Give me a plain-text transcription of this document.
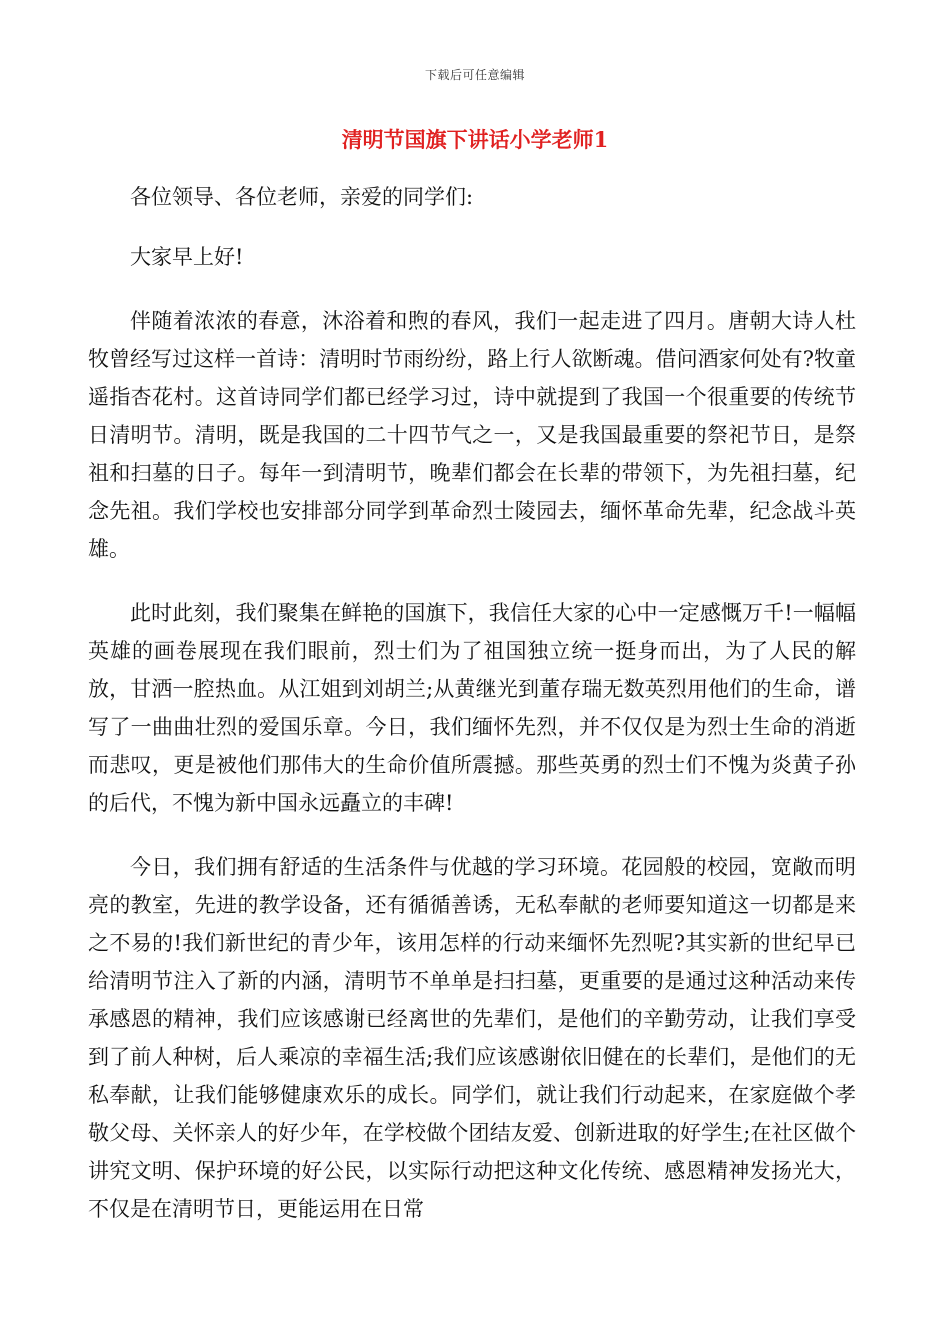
下载后可任意编辑
清明节国旗下讲话小学老师1

各位领导、各位老师，亲爱的同学们:

大家早上好!

伴随着浓浓的春意，沐浴着和煦的春风，我们一起走进了四月。唐朝大诗人杜牧曾经写过这样一首诗：清明时节雨纷纷，路上行人欲断魂。借问酒家何处有?牧童遥指杏花村。这首诗同学们都已经学习过，诗中就提到了我国一个很重要的传统节日清明节。清明，既是我国的二十四节气之一，又是我国最重要的祭祀节日，是祭祖和扫墓的日子。每年一到清明节，晚辈们都会在长辈的带领下，为先祖扫墓，纪念先祖。我们学校也安排部分同学到革命烈士陵园去，缅怀革命先辈，纪念战斗英雄。

此时此刻，我们聚集在鲜艳的国旗下，我信任大家的心中一定感慨万千!一幅幅英雄的画卷展现在我们眼前，烈士们为了祖国独立统一挺身而出，为了人民的解放，甘洒一腔热血。从江姐到刘胡兰;从黄继光到董存瑞无数英烈用他们的生命，谱写了一曲曲壮烈的爱国乐章。今日，我们缅怀先烈，并不仅仅是为烈士生命的消逝而悲叹，更是被他们那伟大的生命价值所震撼。那些英勇的烈士们不愧为炎黄子孙的后代，不愧为新中国永远矗立的丰碑!

今日，我们拥有舒适的生活条件与优越的学习环境。花园般的校园，宽敞而明亮的教室，先进的教学设备，还有循循善诱，无私奉献的老师要知道这一切都是来之不易的!我们新世纪的青少年，该用怎样的行动来缅怀先烈呢?其实新的世纪早已给清明节注入了新的内涵，清明节不单单是扫扫墓，更重要的是通过这种活动来传承感恩的精神，我们应该感谢已经离世的先辈们，是他们的辛勤劳动，让我们享受到了前人种树，后人乘凉的幸福生活;我们应该感谢依旧健在的长辈们，是他们的无私奉献，让我们能够健康欢乐的成长。同学们，就让我们行动起来，在家庭做个孝敬父母、关怀亲人的好少年，在学校做个团结友爱、创新进取的好学生;在社区做个讲究文明、保护环境的好公民，以实际行动把这种文化传统、感恩精神发扬光大，不仅是在清明节日，更能运用在日常
